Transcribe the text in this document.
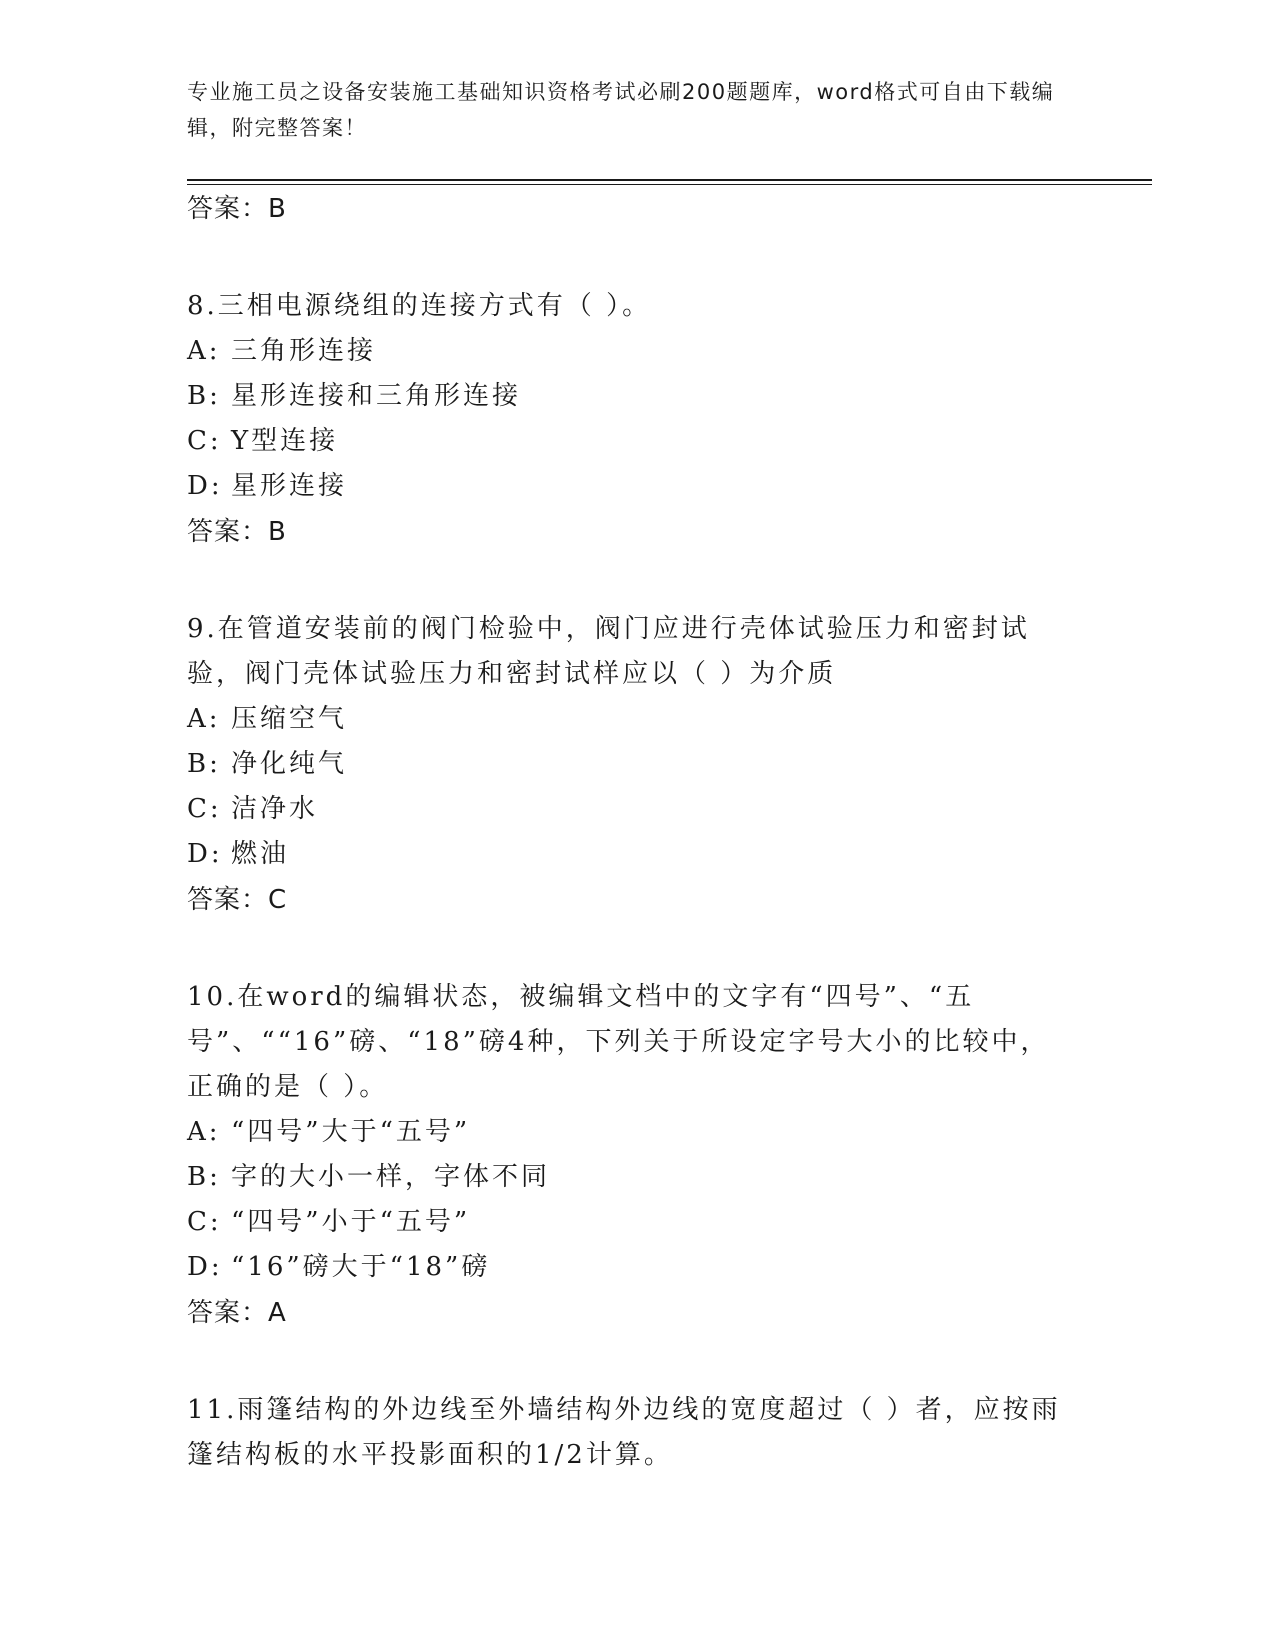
专业施工员之设备安装施工基础知识资格考试必刷200题题库，word格式可自由下载编辑，附完整答案！
答案：B
8.三相电源绕组的连接方式有（ ）。
A: 三角形连接
B: 星形连接和三角形连接
C: Y型连接
D: 星形连接
答案：B
9.在管道安装前的阀门检验中，阀门应进行壳体试验压力和密封试验，阀门壳体试验压力和密封试样应以（ ）为介质
A: 压缩空气
B: 净化纯气
C: 洁净水
D: 燃油
答案：C
10.在word的编辑状态，被编辑文档中的文字有“四号”、“五号”、““16”磅、“18”磅4种，下列关于所设定字号大小的比较中，正确的是（ ）。
A: “四号”大于“五号”
B: 字的大小一样，字体不同
C: “四号”小于“五号”
D: “16”磅大于“18”磅
答案：A
11.雨篷结构的外边线至外墙结构外边线的宽度超过（ ）者，应按雨篷结构板的水平投影面积的1/2计算。
